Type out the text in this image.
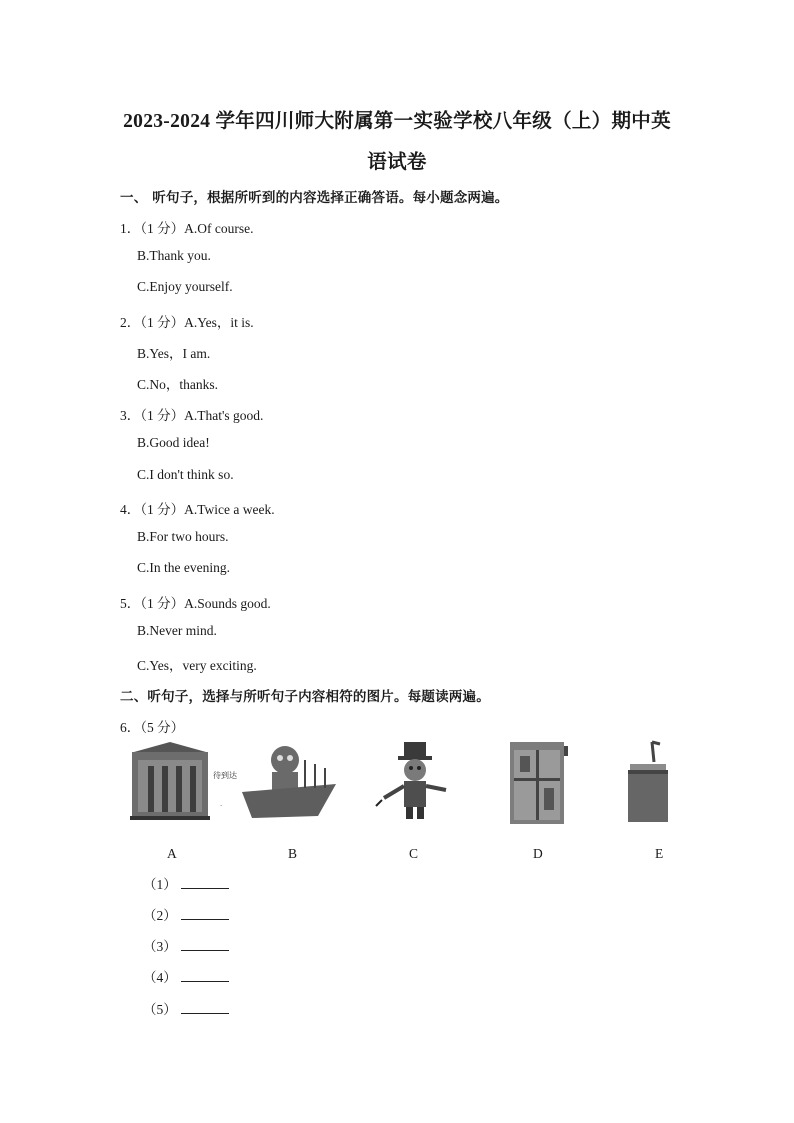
2023-2024 学年四川师大附属第一实验学校八年级（上）期中英
语试卷
一、 听句子，根据所听到的内容选择正确答语。每小题念两遍。
1．（1 分）A.Of course.
B.Thank you.
C.Enjoy yourself.
2．（1 分）A.Yes，it is.
B.Yes，I am.
C.No，thanks.
3．（1 分）A.That's good.
B.Good idea!
C.I don't think so.
4．（1 分）A.Twice a week.
B.For two hours.
C.In the evening.
5．（1 分）A.Sounds good.
B.Never mind.
C.Yes，very exciting.
二、听句子，选择与所听句子内容相符的图片。每题读两遍。
6．（5 分）
待到达
·
A	B	C	D	E
（1）
（2）
（3）
（4）
（5）
